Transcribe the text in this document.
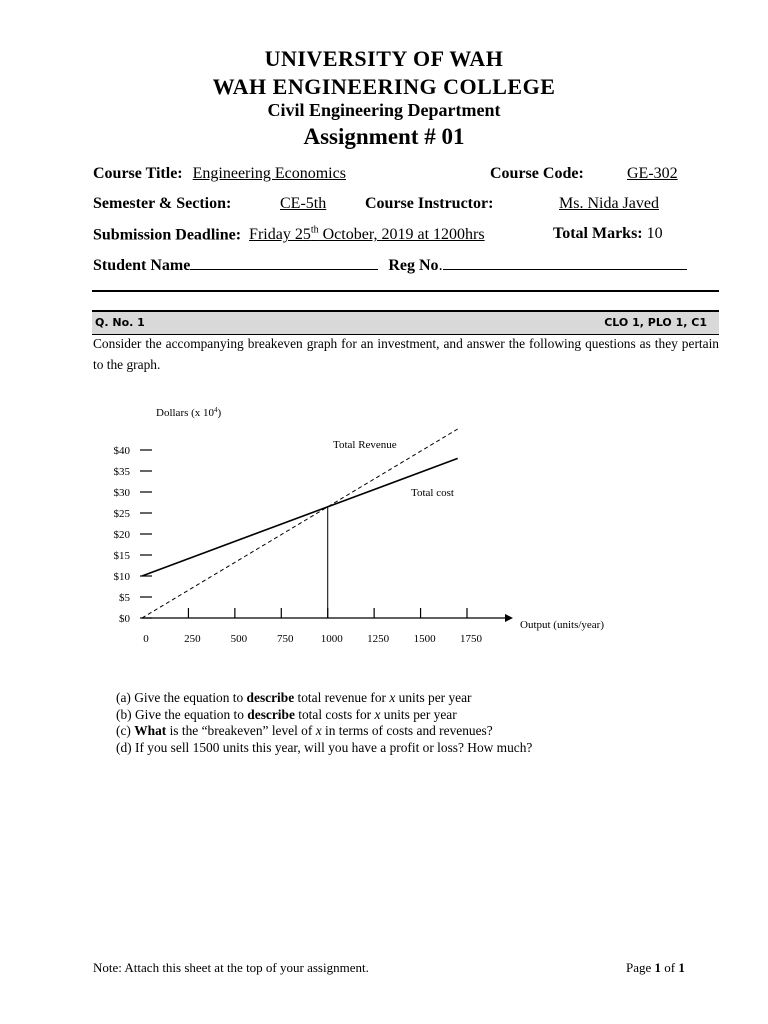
UNIVERSITY OF WAH
WAH ENGINEERING COLLEGE
Civil Engineering Department
Assignment # 01
Course Title: Engineering Economics	Course Code:	GE-302
Semester & Section:	CE-5th Course Instructor:	Ms. Nida Javed
Submission Deadline: Friday 25th October, 2019 at 1200hrs	Total Marks: 10
Student Name	Reg No.
Q. No. 1	CLO 1, PLO 1, C1
Consider the accompanying breakeven graph for an investment, and answer the following questions as they pertain to the graph.
Dollars (x $10^4$)
Output (units/year)
$0
$5
$10
$15
$20
$25
$30
$35
$40
0	250	500	750 1000 1250 1500 1750
Total Revenue
Total cost
(a) Give the equation to describe total revenue for x units per year
(b) Give the equation to describe total costs for x units per year
(c) What is the “breakeven” level of x in terms of costs and revenues?
(d) If you sell 1500 units this year, will you have a profit or loss? How much?
Note: Attach this sheet at the top of your assignment.	Page 1 of 1
